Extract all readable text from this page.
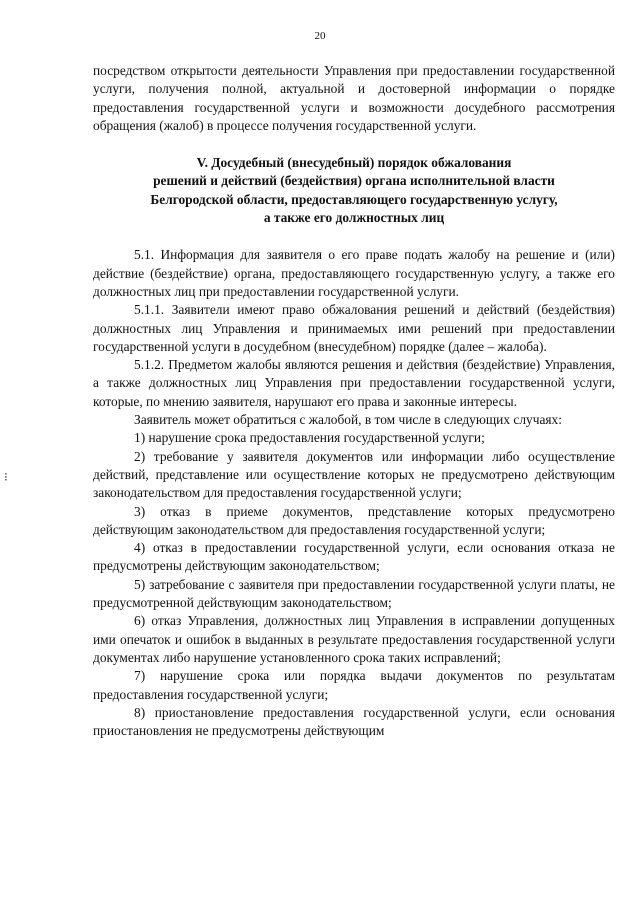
20
⁝

посредством открытости деятельности Управления при предоставлении государственной услуги, получения полной, актуальной и достоверной информации о порядке предоставления государственной услуги и возможности досудебного рассмотрения обращения (жалоб) в процессе получения государственной услуги.

V. Досудебный (внесудебный) порядок обжалования
решений и действий (бездействия) органа исполнительной власти
Белгородской области, предоставляющего государственную услугу,
а также его должностных лиц

5.1. Информация для заявителя о его праве подать жалобу на решение и (или) действие (бездействие) органа, предоставляющего государственную услугу, а также его должностных лиц при предоставлении государственной услуги.

5.1.1. Заявители имеют право обжалования решений и действий (бездействия) должностных лиц Управления и принимаемых ими решений при предоставлении государственной услуги в досудебном (внесудебном) порядке (далее – жалоба).

5.1.2. Предметом жалобы являются решения и действия (бездействие) Управления, а также должностных лиц Управления при предоставлении государственной услуги, которые, по мнению заявителя, нарушают его права и законные интересы.

Заявитель может обратиться с жалобой, в том числе в следующих случаях:

1) нарушение срока предоставления государственной услуги;

2) требование у заявителя документов или информации либо осуществление действий, представление или осуществление которых не предусмотрено действующим законодательством для предоставления государственной услуги;

3) отказ в приеме документов, представление которых предусмотрено действующим законодательством для предоставления государственной услуги;

4) отказ в предоставлении государственной услуги, если основания отказа не предусмотрены действующим законодательством;

5) затребование с заявителя при предоставлении государственной услуги платы, не предусмотренной действующим законодательством;

6) отказ Управления, должностных лиц Управления в исправлении допущенных ими опечаток и ошибок в выданных в результате предоставления государственной услуги документах либо нарушение установленного срока таких исправлений;

7) нарушение срока или порядка выдачи документов по результатам предоставления государственной услуги;

8) приостановление предоставления государственной услуги, если основания приостановления не предусмотрены действующим
